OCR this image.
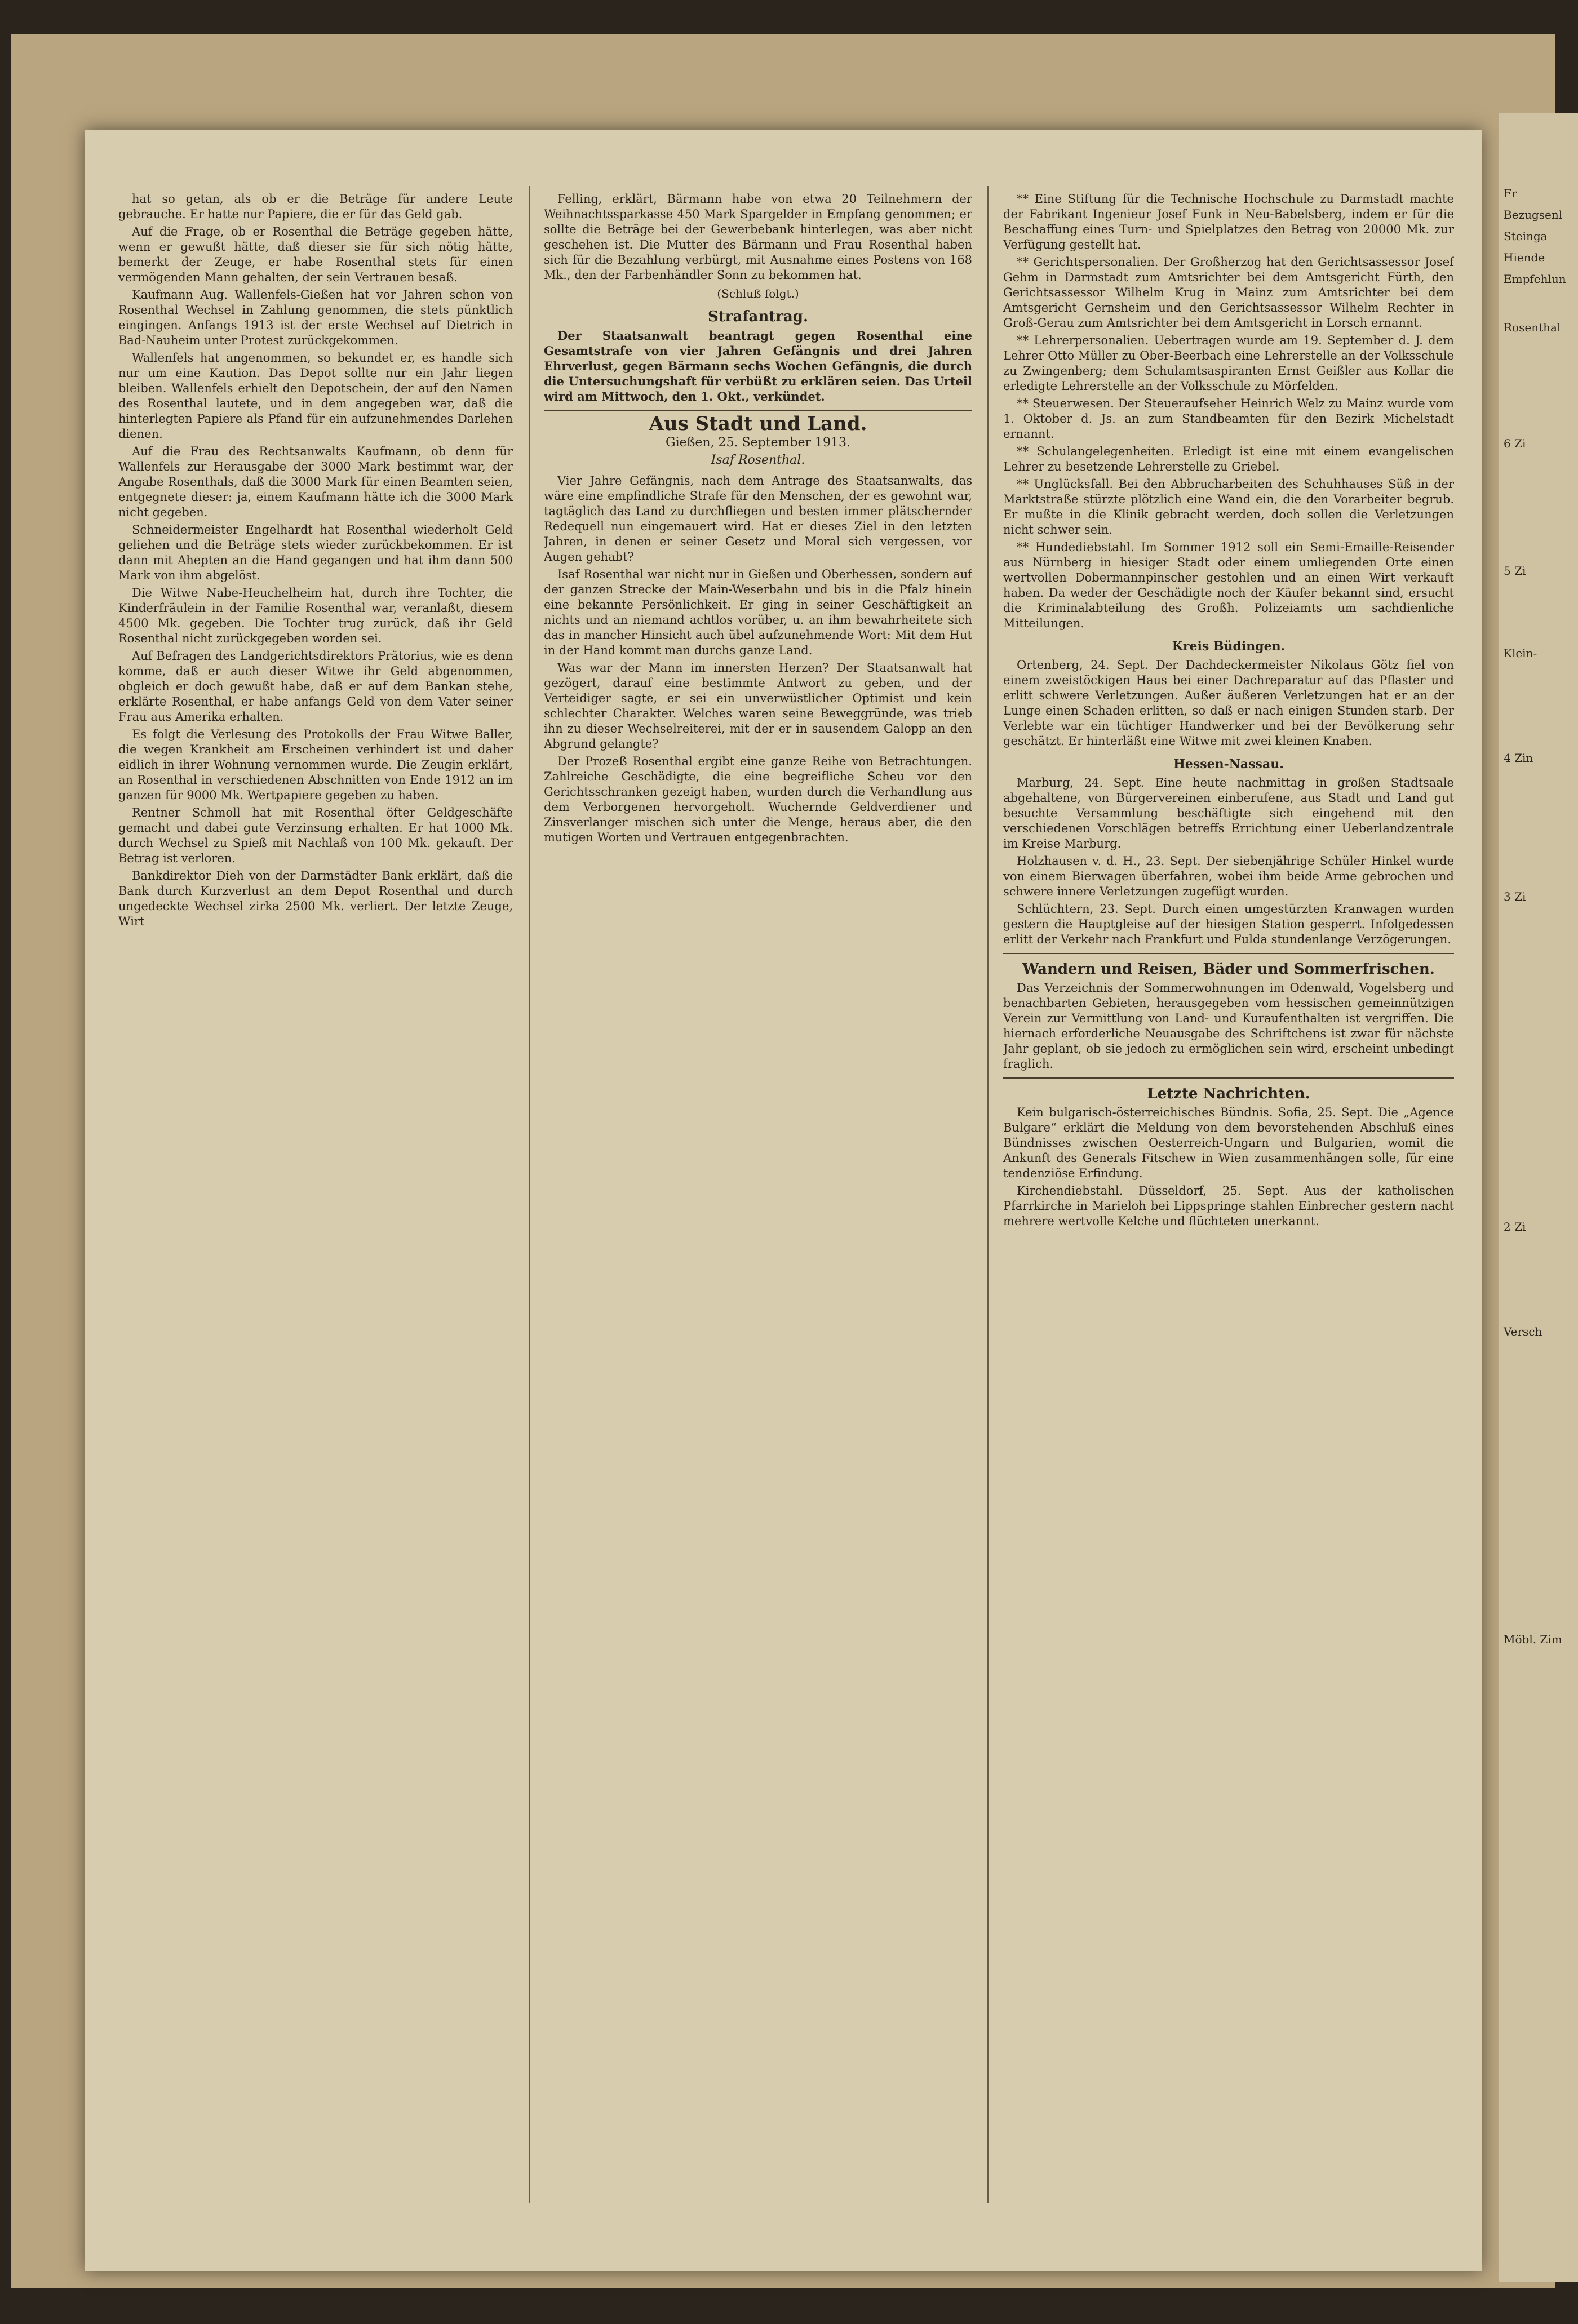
hat so getan, als ob er die Beträge für andere Leute gebrauche. Er hatte nur Papiere, die er für das Geld gab.

Auf die Frage, ob er Rosenthal die Beträge gegeben hätte, wenn er gewußt hätte, daß dieser sie für sich nötig hätte, bemerkt der Zeuge, er habe Rosenthal stets für einen vermögenden Mann gehalten, der sein Vertrauen besaß.

Kaufmann Aug. Wallenfels-Gießen hat vor Jahren schon von Rosenthal Wechsel in Zahlung genommen, die stets pünktlich eingingen. Anfangs 1913 ist der erste Wechsel auf Dietrich in Bad-Nauheim unter Protest zurückgekommen.

Wallenfels hat angenommen, so bekundet er, es handle sich nur um eine Kaution. Das Depot sollte nur ein Jahr liegen bleiben. Wallenfels erhielt den Depotschein, der auf den Namen des Rosenthal lautete, und in dem angegeben war, daß die hinterlegten Papiere als Pfand für ein aufzunehmendes Darlehen dienen.

Auf die Frau des Rechtsanwalts Kaufmann, ob denn für Wallenfels zur Herausgabe der 3000 Mark bestimmt war, der Angabe Rosenthals, daß die 3000 Mark für einen Beamten seien, entgegnete dieser: ja, einem Kaufmann hätte ich die 3000 Mark nicht gegeben.

Schneidermeister Engelhardt hat Rosenthal wiederholt Geld geliehen und die Beträge stets wieder zurückbekommen. Er ist dann mit Ahepten an die Hand gegangen und hat ihm dann 500 Mark von ihm abgelöst.

Die Witwe Nabe-Heuchelheim hat, durch ihre Tochter, die Kinderfräulein in der Familie Rosenthal war, veranlaßt, diesem 4500 Mk. gegeben. Die Tochter trug zurück, daß ihr Geld Rosenthal nicht zurückgegeben worden sei.

Auf Befragen des Landgerichtsdirektors Prätorius, wie es denn komme, daß er auch dieser Witwe ihr Geld abgenommen, obgleich er doch gewußt habe, daß er auf dem Bankan stehe, erklärte Rosenthal, er habe anfangs Geld von dem Vater seiner Frau aus Amerika erhalten.

Es folgt die Verlesung des Protokolls der Frau Witwe Baller, die wegen Krankheit am Erscheinen verhindert ist und daher eidlich in ihrer Wohnung vernommen wurde. Die Zeugin erklärt, an Rosenthal in verschiedenen Abschnitten von Ende 1912 an im ganzen für 9000 Mk. Wertpapiere gegeben zu haben.

Rentner Schmoll hat mit Rosenthal öfter Geldgeschäfte gemacht und dabei gute Verzinsung erhalten. Er hat 1000 Mk. durch Wechsel zu Spieß mit Nachlaß von 100 Mk. gekauft. Der Betrag ist verloren.

Bankdirektor Dieh von der Darmstädter Bank erklärt, daß die Bank durch Kurzverlust an dem Depot Rosenthal und durch ungedeckte Wechsel zirka 2500 Mk. verliert. Der letzte Zeuge, Wirt

Felling, erklärt, Bärmann habe von etwa 20 Teilnehmern der Weihnachtssparkasse 450 Mark Spargelder in Empfang genommen; er sollte die Beträge bei der Gewerbebank hinterlegen, was aber nicht geschehen ist. Die Mutter des Bärmann und Frau Rosenthal haben sich für die Bezahlung verbürgt, mit Ausnahme eines Postens von 168 Mk., den der Farbenhändler Sonn zu bekommen hat.

(Schluß folgt.)
Strafantrag.

Der Staatsanwalt beantragt gegen Rosenthal eine Gesamtstrafe von vier Jahren Gefängnis und drei Jahren Ehrverlust, gegen Bärmann sechs Wochen Gefängnis, die durch die Untersuchungshaft für verbüßt zu erklären seien. Das Urteil wird am Mittwoch, den 1. Okt., verkündet.

Aus Stadt und Land.
Gießen, 25. September 1913.
Isaf Rosenthal.

Vier Jahre Gefängnis, nach dem Antrage des Staatsanwalts, das wäre eine empfindliche Strafe für den Menschen, der es gewohnt war, tagtäglich das Land zu durchfliegen und besten immer plätschernder Redequell nun eingemauert wird. Hat er dieses Ziel in den letzten Jahren, in denen er seiner Gesetz und Moral sich vergessen, vor Augen gehabt?

Isaf Rosenthal war nicht nur in Gießen und Oberhessen, sondern auf der ganzen Strecke der Main-Weserbahn und bis in die Pfalz hinein eine bekannte Persönlichkeit. Er ging in seiner Geschäftigkeit an nichts und an niemand achtlos vorüber, u. an ihm bewahrheitete sich das in mancher Hinsicht auch übel aufzunehmende Wort: Mit dem Hut in der Hand kommt man durchs ganze Land.

Was war der Mann im innersten Herzen? Der Staatsanwalt hat gezögert, darauf eine bestimmte Antwort zu geben, und der Verteidiger sagte, er sei ein unverwüstlicher Optimist und kein schlechter Charakter. Welches waren seine Beweggründe, was trieb ihn zu dieser Wechselreiterei, mit der er in sausendem Galopp an den Abgrund gelangte?

Der Prozeß Rosenthal ergibt eine ganze Reihe von Betrachtungen. Zahlreiche Geschädigte, die eine begreifliche Scheu vor den Gerichtsschranken gezeigt haben, wurden durch die Verhandlung aus dem Verborgenen hervorgeholt. Wuchernde Geldverdiener und Zinsverlanger mischen sich unter die Menge, heraus aber, die den mutigen Worten und Vertrauen entgegenbrachten.

** Eine Stiftung für die Technische Hochschule zu Darmstadt machte der Fabrikant Ingenieur Josef Funk in Neu-Babelsberg, indem er für die Beschaffung eines Turn- und Spielplatzes den Betrag von 20000 Mk. zur Verfügung gestellt hat.

** Gerichtspersonalien. Der Großherzog hat den Gerichtsassessor Josef Gehm in Darmstadt zum Amtsrichter bei dem Amtsgericht Fürth, den Gerichtsassessor Wilhelm Krug in Mainz zum Amtsrichter bei dem Amtsgericht Gernsheim und den Gerichtsassessor Wilhelm Rechter in Groß-Gerau zum Amtsrichter bei dem Amtsgericht in Lorsch ernannt.

** Lehrerpersonalien. Uebertragen wurde am 19. September d. J. dem Lehrer Otto Müller zu Ober-Beerbach eine Lehrerstelle an der Volksschule zu Zwingenberg; dem Schulamtsaspiranten Ernst Geißler aus Kollar die erledigte Lehrerstelle an der Volksschule zu Mörfelden.

** Steuerwesen. Der Steueraufseher Heinrich Welz zu Mainz wurde vom 1. Oktober d. Js. an zum Standbeamten für den Bezirk Michelstadt ernannt.

** Schulangelegenheiten. Erledigt ist eine mit einem evangelischen Lehrer zu besetzende Lehrerstelle zu Griebel.

** Unglücksfall. Bei den Abbrucharbeiten des Schuhhauses Süß in der Marktstraße stürzte plötzlich eine Wand ein, die den Vorarbeiter begrub. Er mußte in die Klinik gebracht werden, doch sollen die Verletzungen nicht schwer sein.

** Hundediebstahl. Im Sommer 1912 soll ein Semi-Emaille-Reisender aus Nürnberg in hiesiger Stadt oder einem umliegenden Orte einen wertvollen Dobermannpinscher gestohlen und an einen Wirt verkauft haben. Da weder der Geschädigte noch der Käufer bekannt sind, ersucht die Kriminalabteilung des Großh. Polizeiamts um sachdienliche Mitteilungen.

Kreis Büdingen.

Ortenberg, 24. Sept. Der Dachdeckermeister Nikolaus Götz fiel von einem zweistöckigen Haus bei einer Dachreparatur auf das Pflaster und erlitt schwere Verletzungen. Außer äußeren Verletzungen hat er an der Lunge einen Schaden erlitten, so daß er nach einigen Stunden starb. Der Verlebte war ein tüchtiger Handwerker und bei der Bevölkerung sehr geschätzt. Er hinterläßt eine Witwe mit zwei kleinen Knaben.

Hessen-Nassau.

Marburg, 24. Sept. Eine heute nachmittag in großen Stadtsaale abgehaltene, von Bürgervereinen einberufene, aus Stadt und Land gut besuchte Versammlung beschäftigte sich eingehend mit den verschiedenen Vorschlägen betreffs Errichtung einer Ueberlandzentrale im Kreise Marburg.

Holzhausen v. d. H., 23. Sept. Der siebenjährige Schüler Hinkel wurde von einem Bierwagen überfahren, wobei ihm beide Arme gebrochen und schwere innere Verletzungen zugefügt wurden.

Schlüchtern, 23. Sept. Durch einen umgestürzten Kranwagen wurden gestern die Hauptgleise auf der hiesigen Station gesperrt. Infolgedessen erlitt der Verkehr nach Frankfurt und Fulda stundenlange Verzögerungen.

Wandern und Reisen, Bäder und Sommerfrischen.

Das Verzeichnis der Sommerwohnungen im Odenwald, Vogelsberg und benachbarten Gebieten, herausgegeben vom hessischen gemeinnützigen Verein zur Vermittlung von Land- und Kuraufenthalten ist vergriffen. Die hiernach erforderliche Neuausgabe des Schriftchens ist zwar für nächste Jahr geplant, ob sie jedoch zu ermöglichen sein wird, erscheint unbedingt fraglich.

Letzte Nachrichten.

Kein bulgarisch-österreichisches Bündnis. Sofia, 25. Sept. Die „Agence Bulgare“ erklärt die Meldung von dem bevorstehenden Abschluß eines Bündnisses zwischen Oesterreich-Ungarn und Bulgarien, womit die Ankunft des Generals Fitschew in Wien zusammenhängen solle, für eine tendenziöse Erfindung.

Kirchendiebstahl. Düsseldorf, 25. Sept. Aus der katholischen Pfarrkirche in Marieloh bei Lippspringe stahlen Einbrecher gestern nacht mehrere wertvolle Kelche und flüchteten unerkannt.

Fr
Bezugsenl
Steinga
Hiende
Empfehlun
Rosenthal
6 Zi
5 Zi
Klein-
4 Zin
3 Zi
2 Zi
Versch
Möbl. Zim
